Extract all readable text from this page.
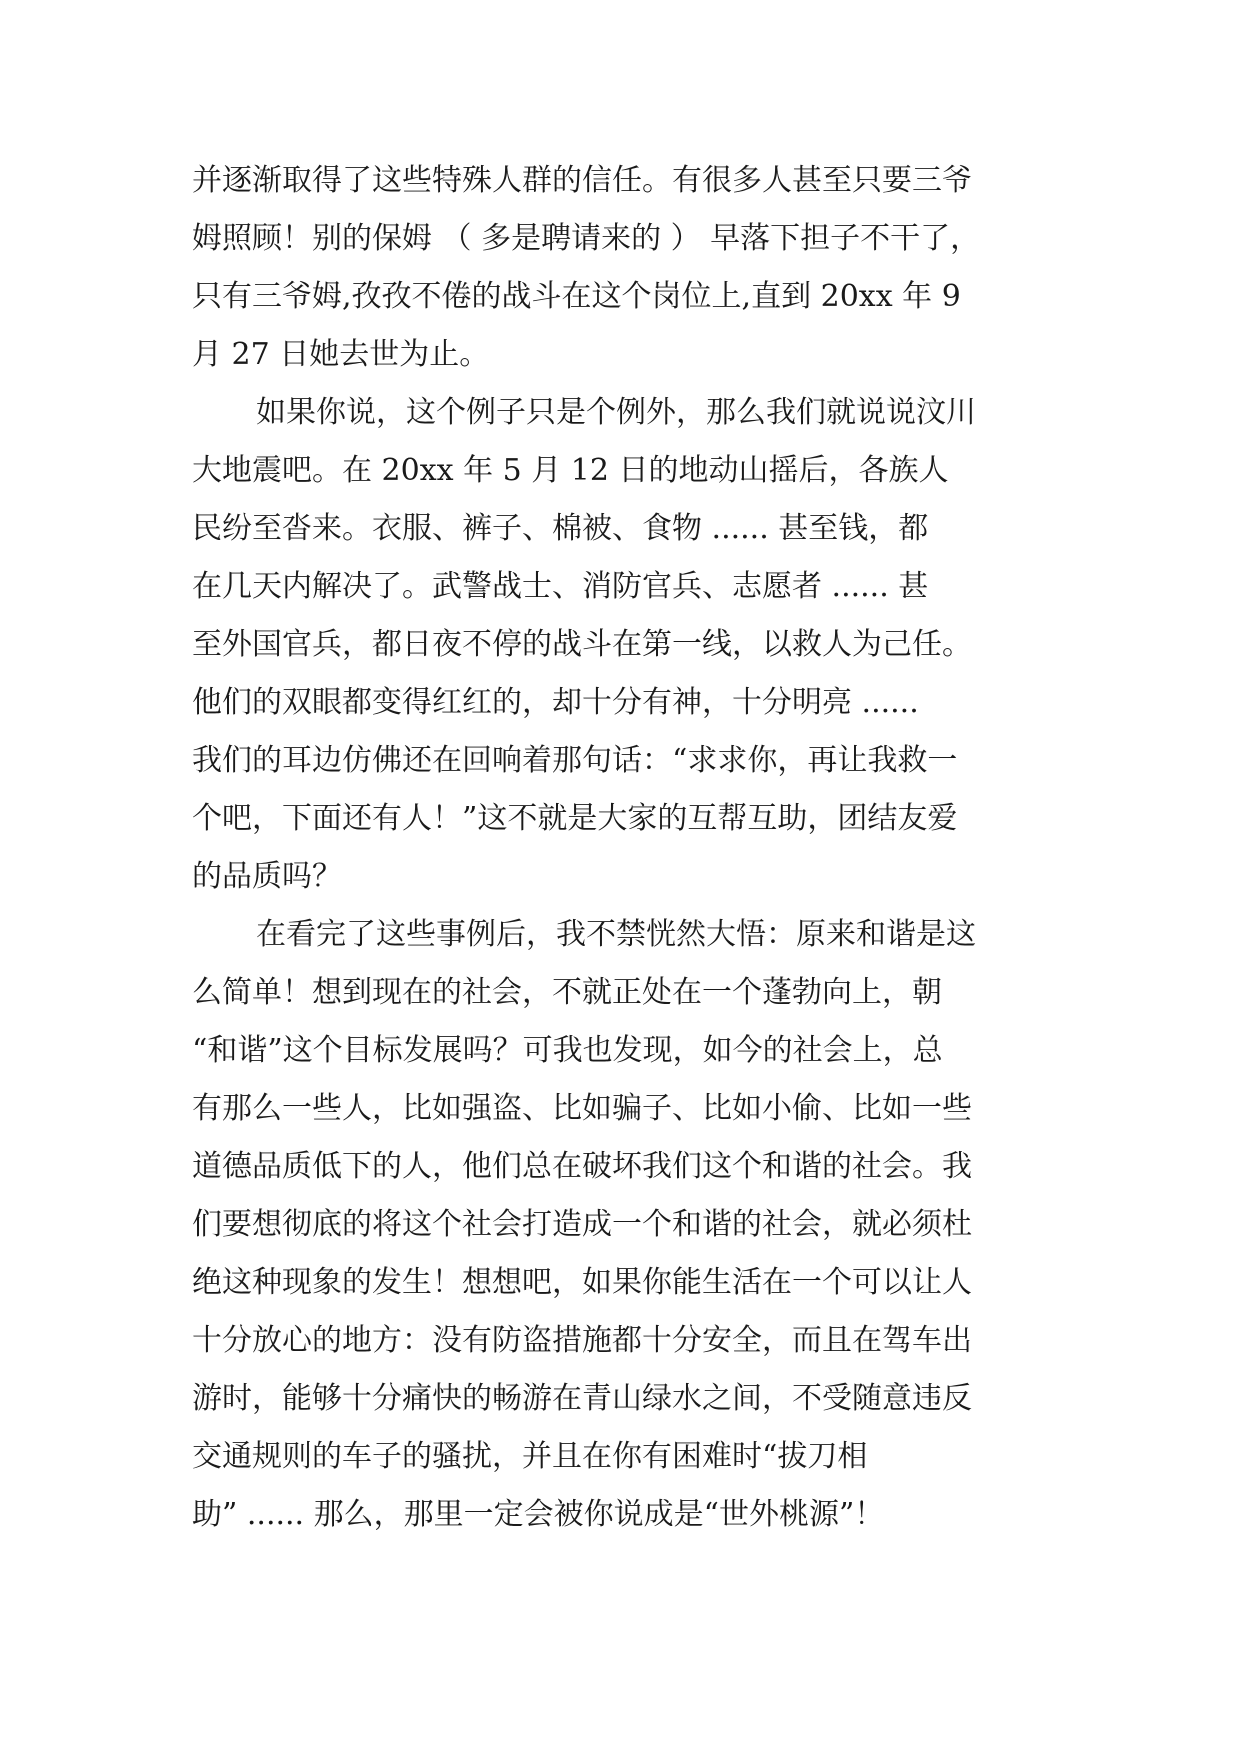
并逐渐取得了这些特殊人群的信任。有很多人甚至只要三爷
姆照顾！别的保姆 （ 多是聘请来的 ） 早落下担子不干了，
只有三爷姆,孜孜不倦的战斗在这个岗位上,直到 20xx 年 9
月 27 日她去世为止。
如果你说，这个例子只是个例外，那么我们就说说汶川
大地震吧。在 20xx 年 5 月 12 日的地动山摇后，各族人
民纷至沓来。衣服、裤子、棉被、食物 ...... 甚至钱，都
在几天内解决了。武警战士、消防官兵、志愿者 ...... 甚
至外国官兵，都日夜不停的战斗在第一线，以救人为己任。
他们的双眼都变得红红的，却十分有神，十分明亮 ......
我们的耳边仿佛还在回响着那句话：“求求你，再让我救一
个吧，下面还有人！”这不就是大家的互帮互助，团结友爱
的品质吗？
在看完了这些事例后，我不禁恍然大悟：原来和谐是这
么简单！想到现在的社会，不就正处在一个蓬勃向上，朝
“和谐”这个目标发展吗？可我也发现，如今的社会上，总
有那么一些人，比如强盗、比如骗子、比如小偷、比如一些
道德品质低下的人，他们总在破坏我们这个和谐的社会。我
们要想彻底的将这个社会打造成一个和谐的社会，就必须杜
绝这种现象的发生！想想吧，如果你能生活在一个可以让人
十分放心的地方：没有防盗措施都十分安全，而且在驾车出
游时，能够十分痛快的畅游在青山绿水之间，不受随意违反
交通规则的车子的骚扰，并且在你有困难时“拔刀相
助” ...... 那么，那里一定会被你说成是“世外桃源”！
